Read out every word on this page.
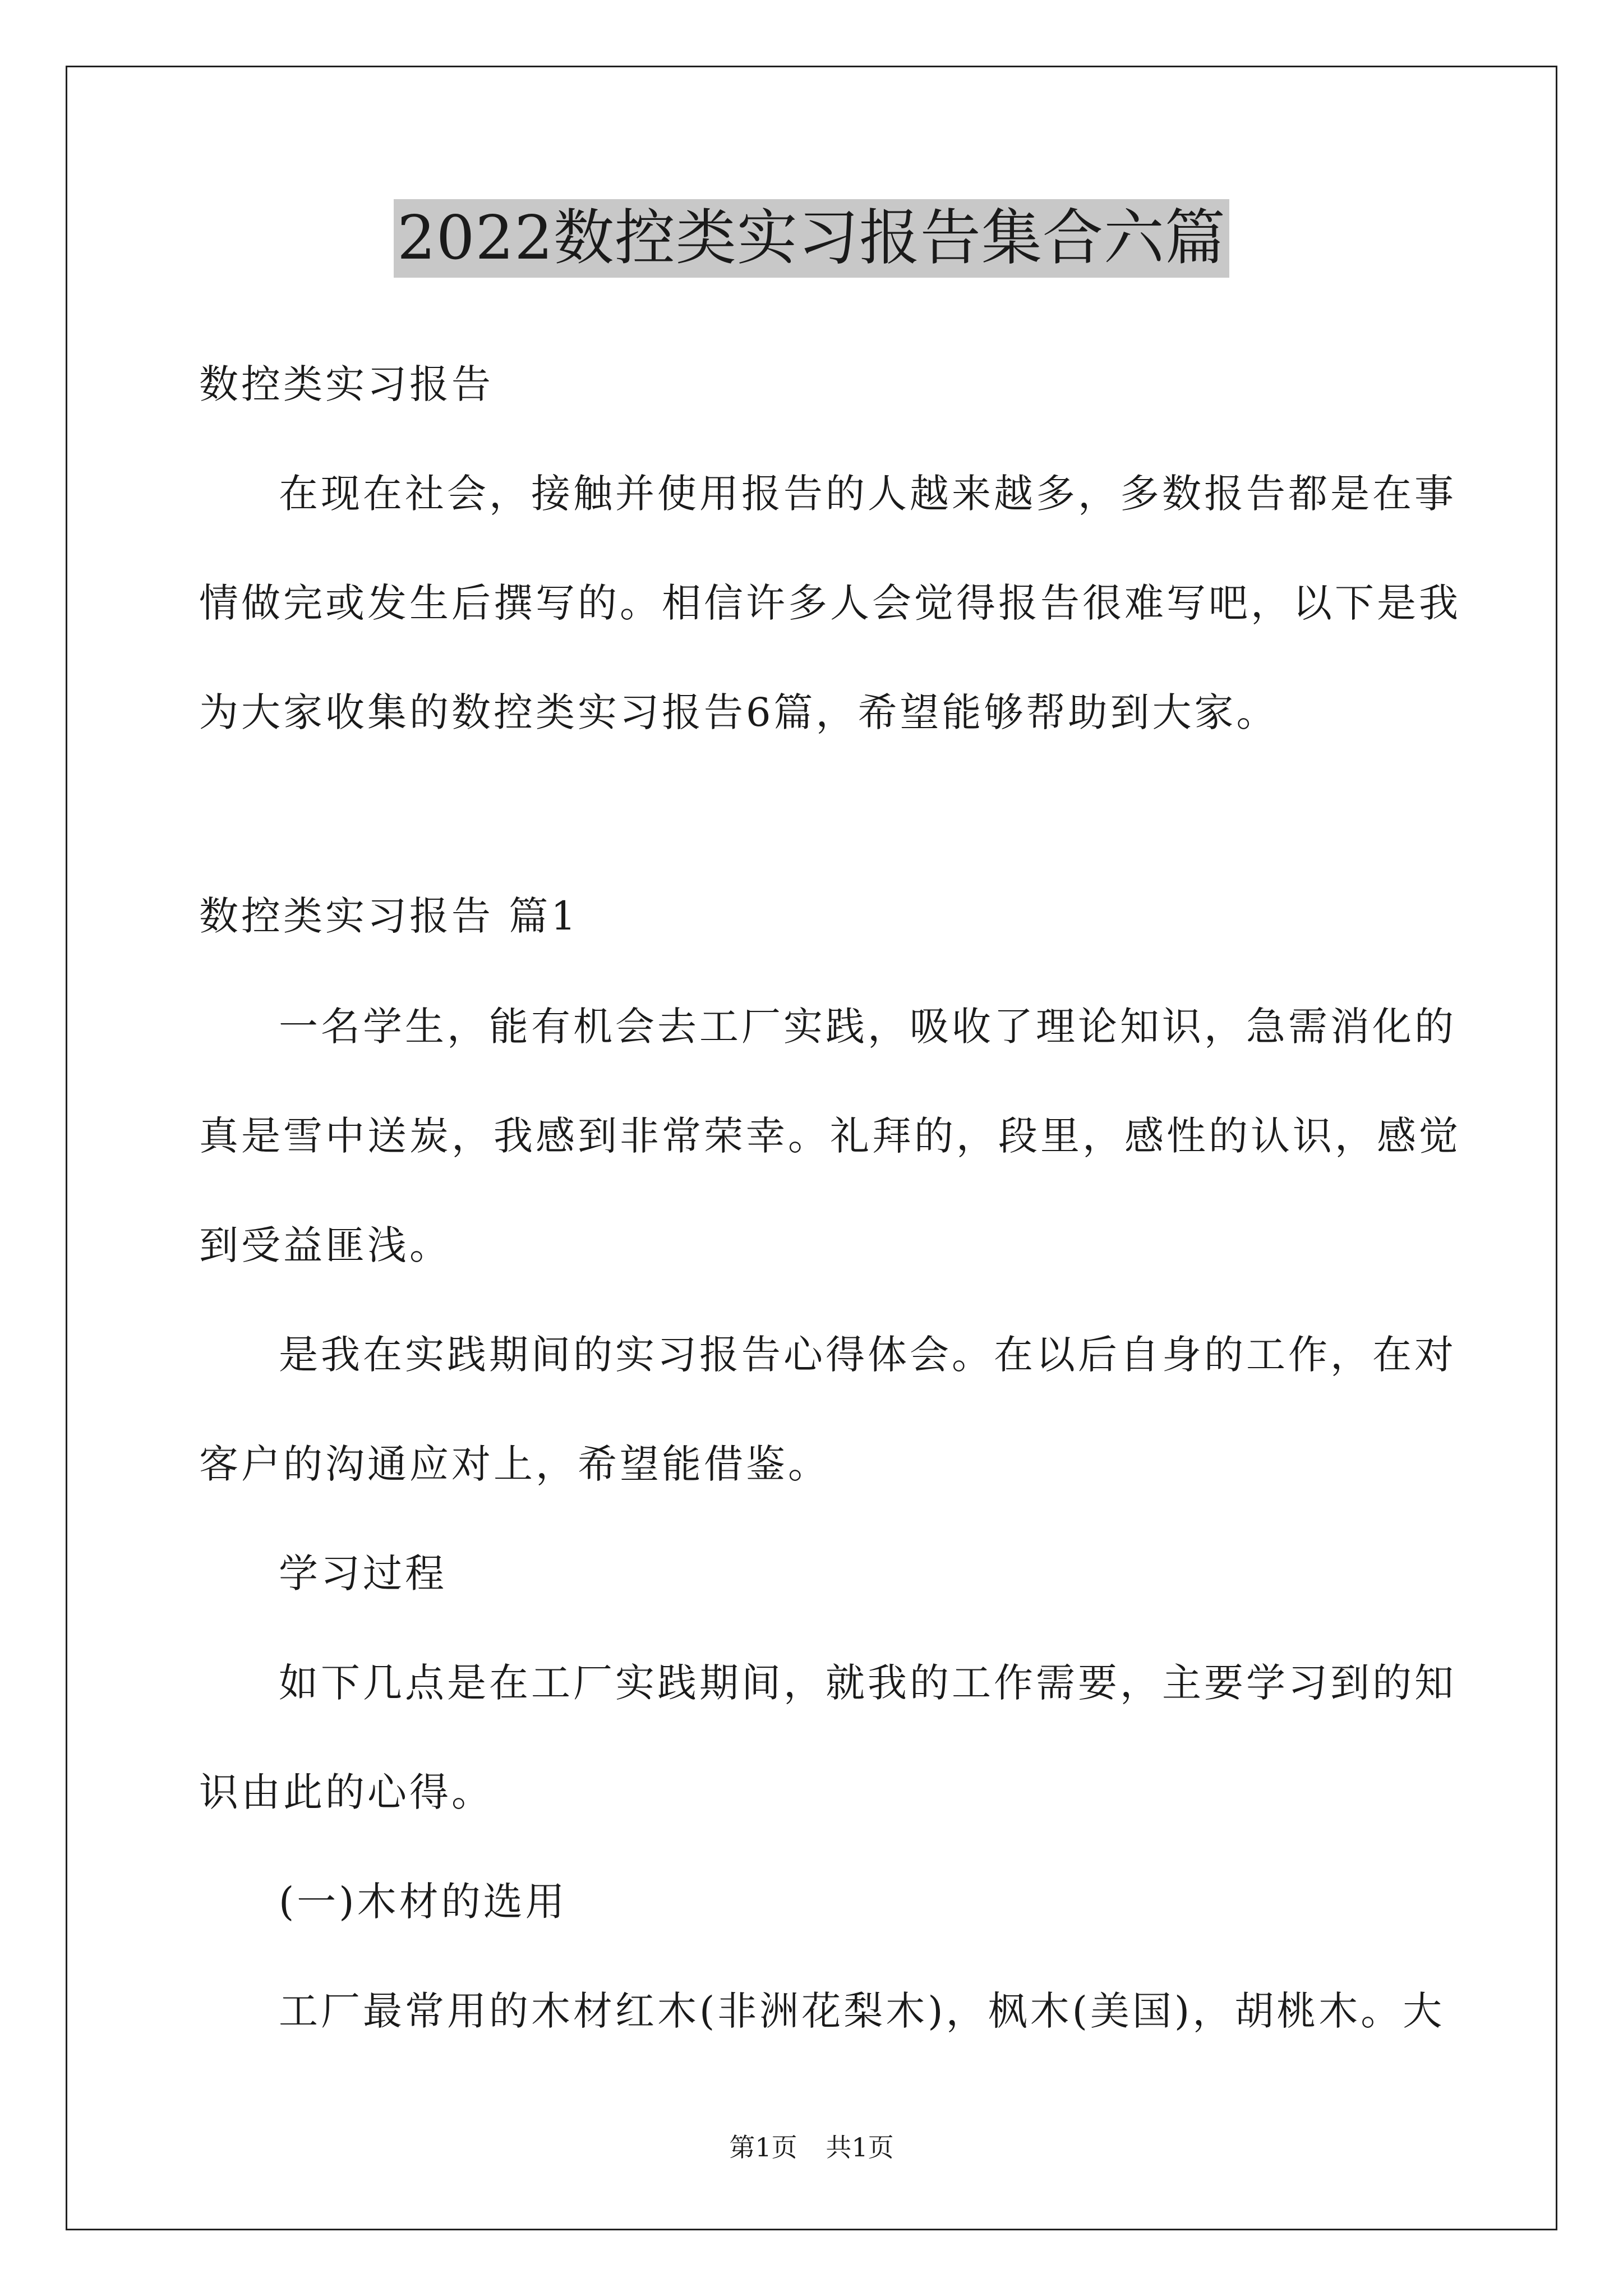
2022数控类实习报告集合六篇
数控类实习报告
在现在社会，接触并使用报告的人越来越多，多数报告都是在事
情做完或发生后撰写的。相信许多人会觉得报告很难写吧，以下是我
为大家收集的数控类实习报告6篇，希望能够帮助到大家。
数控类实习报告 篇1
一名学生，能有机会去工厂实践，吸收了理论知识，急需消化的
真是雪中送炭，我感到非常荣幸。礼拜的，段里，感性的认识，感觉
到受益匪浅。
是我在实践期间的实习报告心得体会。在以后自身的工作，在对
客户的沟通应对上，希望能借鉴。
学习过程
如下几点是在工厂实践期间，就我的工作需要，主要学习到的知
识由此的心得。
(一)木材的选用
工厂最常用的木材红木(非洲花梨木)，枫木(美国)，胡桃木。大
第1页 共1页
